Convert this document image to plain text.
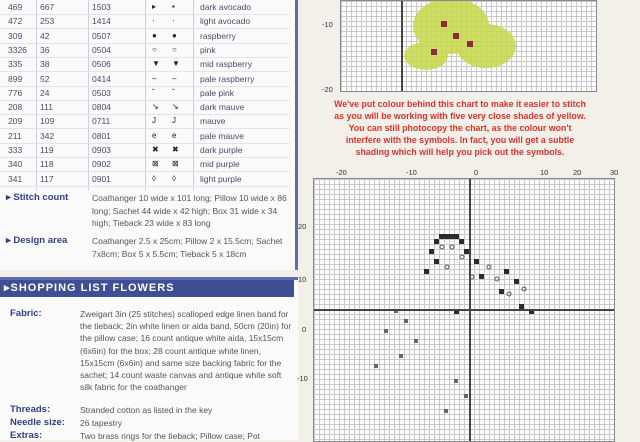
469 667	1503	▸ ▪	dark avocado
472 253	1414	· ·	light avocado
309 42	0507	● ●	raspberry
3326 36	0504	○ ○	pink
335 38	0506	▼ ▼ mid raspberry
899 52	0414	– –	pale raspberry
776 24	0503	ˇ ˇ	pale pink
208 111	0804	↘ ↘	dark mauve
209 109	0711	J J	mauve
211 342	0801	e e	pale mauve
333 119	0903	✖ ✖	dark purple
340 118	0902	⊠ ⊠	mid purple
341 117	0901	◊ ◊	light purple
▸ Stitch count	Coathanger 10 wide x 101 long; Pillow 10 wide x 86 long; Sachet 44 wide x 42 high; Box 31 wide x 34 high; Tieback 23 wide x 83 long
▸ Design area	Coathanger 2.5 x 25cm; Pillow 2 x 15.5cm; Sachet 7x8cm; Box 5 x 5.5cm; Tieback 5 x 18cm
▸SHOPPING LIST FLOWERS
Fabric:	Zweigart 3in (25 stitches) scalloped edge linen band for the tieback; 2in white linen or aida band, 50cm (20in) for the pillow case; 16 count antique white aida, 15x15cm (6x6in) for the box; 28 count antique white linen, 15x15cm (6x6in) and same size backing fabric for the sachet; 14 count waste canvas and antique white soft silk fabric for the coathanger
Threads:	Stranded cotton as listed in the key
Needle size: 26 tapestry
Extras:	Two brass rings for the tieback; Pillow case; Pot
-10
-20
We've put colour behind this chart to make it easier to stitch as you will be working with five very close shades of yellow. You can still photocopy the chart, as the colour won't interfere with the symbols. In fact, you will get a subtle shading which will help you pick out the symbols.
-20	-10	0	10	20	30
20
10
0
-10
